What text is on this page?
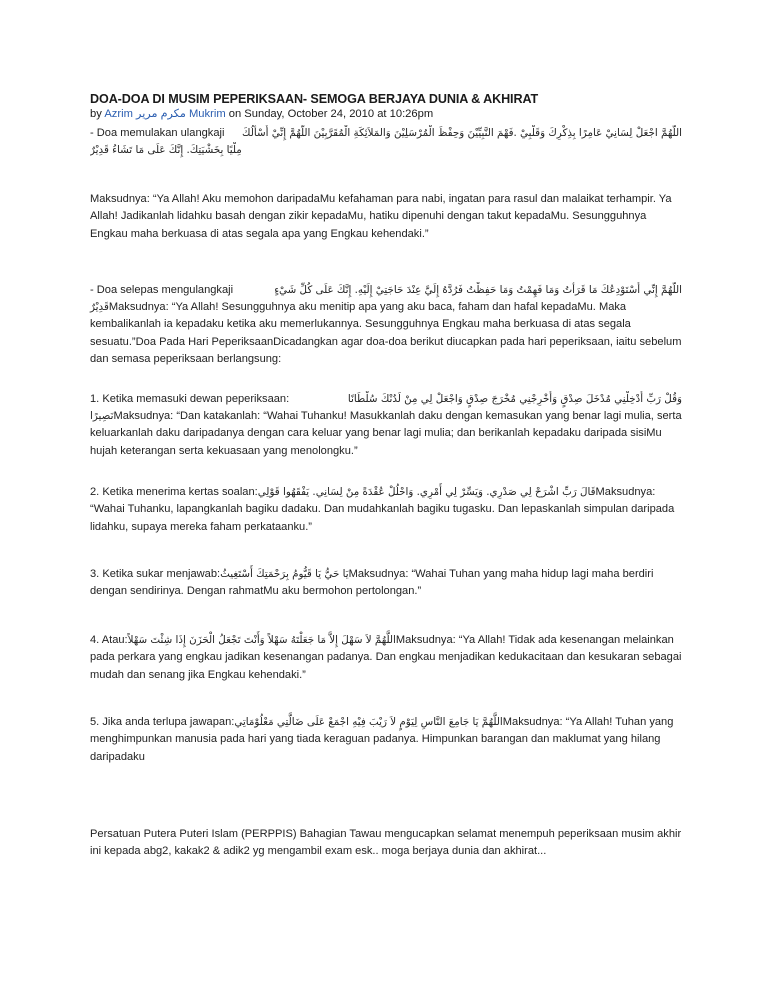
DOA-DOA DI MUSIM PEPERIKSAAN- SEMOGA BERJAYA DUNIA & AKHIRAT
by Azrim مكرم مرير Mukrim on Sunday, October 24, 2010 at 10:26pm
- Doa memulakan ulangkaji اللَّهُمَّ اجْعَلْ لِسَانِيْ عَامِرًا بِذِكْرِكَ وَقَلْبِيْ .فَهْمَ النَّبِيِّيْنَ وَحِفْظَ الْمُرْسَلِيْنَ وَالمَلاَئِكَةِ الْمُقَرَّبِيْنَ اللَّهُمَّ إِنِّيْ أَسْأَلُكَ
مِلْيًا بِخَشْيَتِكَ. إِنَّكَ عَلَى مَا تَشَاءُ قَدِيْرٌ

Maksudnya: “Ya Allah! Aku memohon daripadaMu kefahaman para nabi, ingatan para rasul dan malaikat terhampir. Ya Allah! Jadikanlah lidahku basah dengan zikir kepadaMu, hatiku dipenuhi dengan takut kepadaMu. Sesungguhnya Engkau maha berkuasa di atas segala apa yang Engkau kehendaki.”

- Doa selepas mengulangkaji	اللَّهُمَّ إِنِّي أَسْتَوْدِعُكَ مَا قَرَأْتُ وَمَا فَهِمْتُ وَمَا حَفِظْتُ فَرُدَّهُ إِلَيَّ عِنْدَ حَاجَتِيْ إِلَيْهِ. إِنَّكَ عَلَى كُلِّ شَيْءٍ

قَدِيْرٌMaksudnya: “Ya Allah! Sesungguhnya aku menitip apa yang aku baca, faham dan hafal kepadaMu. Maka kembalikanlah ia kepadaku ketika aku memerlukannya. Sesungguhnya Engkau maha berkuasa di atas segala sesuatu.”Doa Pada Hari PeperiksaanDicadangkan agar doa-doa berikut diucapkan pada hari peperiksaan, iaitu sebelum dan semasa peperiksaan berlangsung:

1. Ketika memasuki dewan peperiksaan:	وَقُلْ رَبِّ أَدْخِلْنِي مُدْخَلَ صِدْقٍ وَأَخْرِجْنِي مُخْرَجَ صِدْقٍ وَاجْعَلْ لِي مِنْ لَدُنْكَ سُلْطَانًا

نَصِيرًاMaksudnya: “Dan katakanlah: “Wahai Tuhanku! Masukkanlah daku dengan kemasukan yang benar lagi mulia, serta keluarkanlah daku daripadanya dengan cara keluar yang benar lagi mulia; dan berikanlah kepadaku daripada sisiMu hujah keterangan serta kekuasaan yang menolongku.”

2. Ketika menerima kertas soalan:قَالَ رَبِّ اشْرَحْ لِي صَدْرِي. وَيَسِّرْ لِي أَمْرِي. وَاحْلُلْ عُقْدَةً مِنْ لِسَانِي. يَفْقَهُوا قَوْلِيMaksudnya: “Wahai Tuhanku, lapangkanlah bagiku dadaku. Dan mudahkanlah bagiku tugasku. Dan lepaskanlah simpulan daripada lidahku, supaya mereka faham perkataanku.”

3. Ketika sukar menjawab:يَا حَيُّ يَا قَيُّومُ بِرَحْمَتِكَ أَسْتَغِيثُMaksudnya: “Wahai Tuhan yang maha hidup lagi maha berdiri dengan sendirinya. Dengan rahmatMu aku bermohon pertolongan.”

4. Atau:اللَّهُمَّ لاَ سَهْلَ إِلاَّ مَا جَعَلْتَهُ سَهْلاً وَأَنْتَ تَجْعَلُ الْحَزَنَ إِذَا شِئْتَ سَهْلاًMaksudnya: “Ya Allah! Tidak ada kesenangan melainkan pada perkara yang engkau jadikan kesenangan padanya. Dan engkau menjadikan kedukacitaan dan kesukaran sebagai mudah dan senang jika Engkau kehendaki.”

5. Jika anda terlupa jawapan:اللَّهُمَّ يَا جَامِعَ النَّاسِ لِيَوْمٍ لاَ رَيْبَ فِيْهِ اجْمَعْ عَلَى ضَالَّتِي مَعْلُوْمَاتِيMaksudnya: “Ya Allah! Tuhan yang menghimpunkan manusia pada hari yang tiada keraguan padanya. Himpunkan barangan dan maklumat yang hilang daripadaku

Persatuan Putera Puteri Islam (PERPPIS) Bahagian Tawau mengucapkan selamat menempuh peperiksaan musim akhir ini kepada abg2, kakak2 & adik2 yg mengambil exam esk.. moga berjaya dunia dan akhirat...
